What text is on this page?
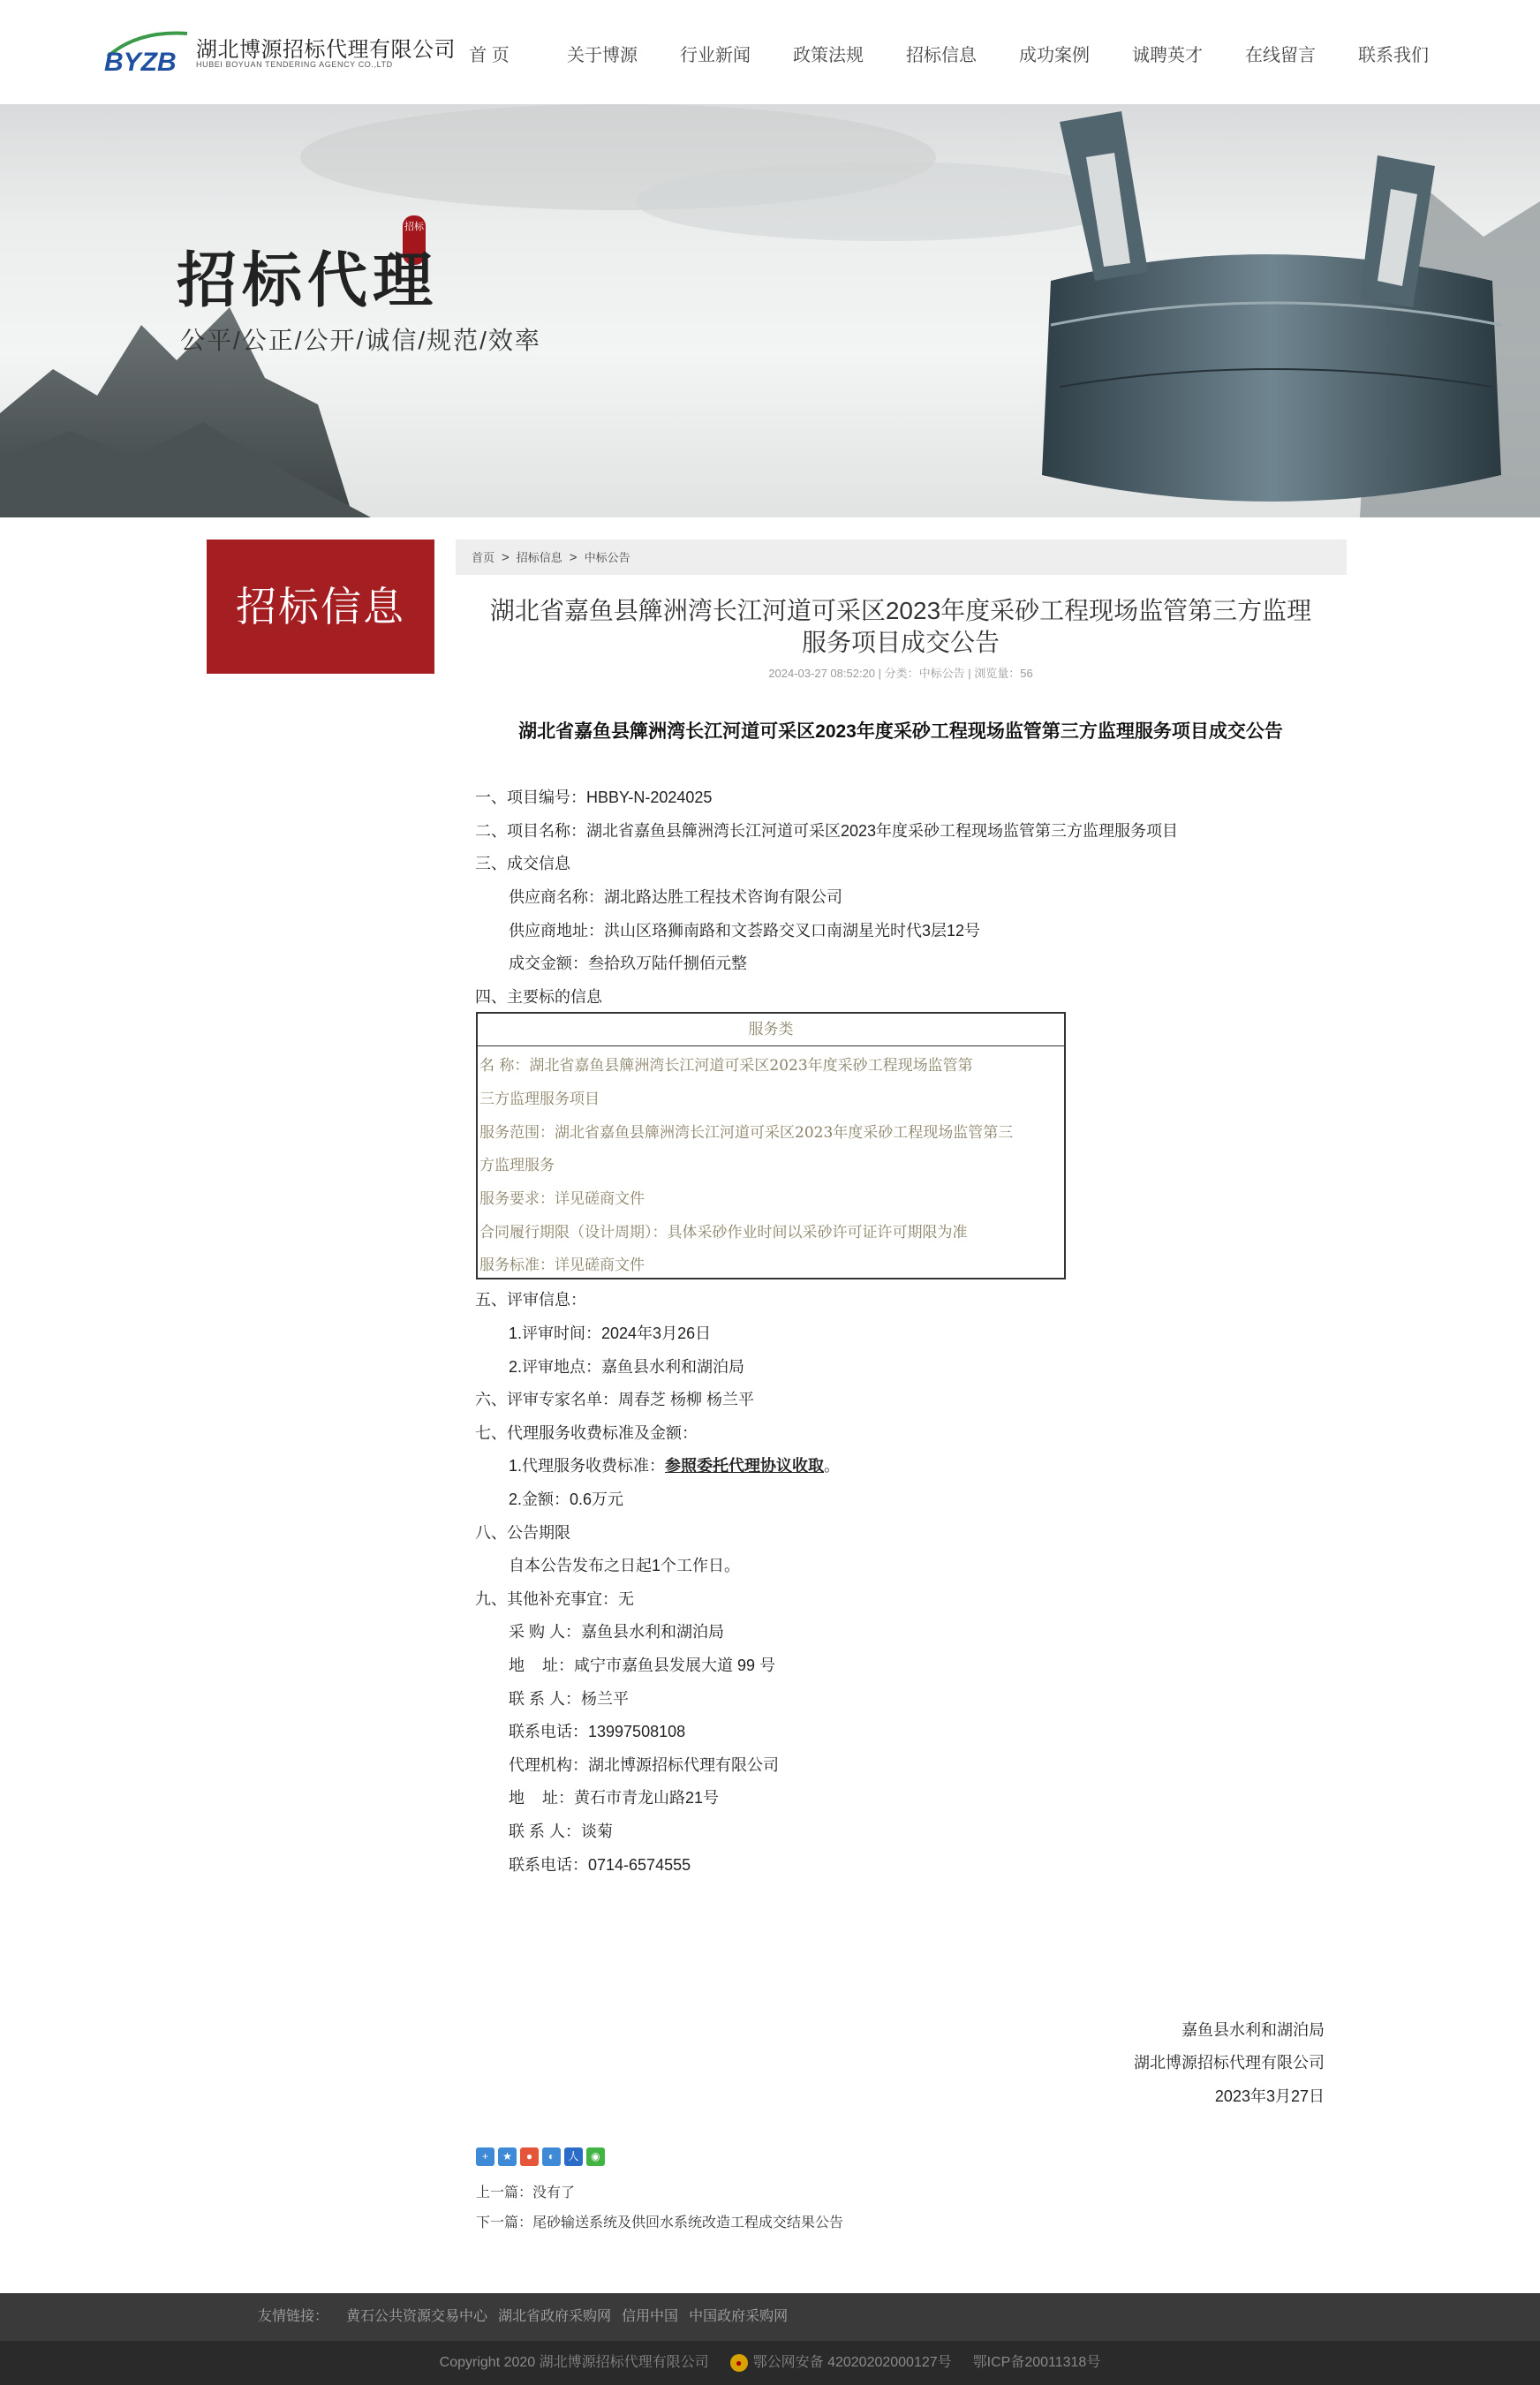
BYZB 湖北博源招标代理有限公司
HUBEI BOYUAN TENDERING AGENCY CO.,LTD	首 页	关于博源	行业新闻	政策法规	招标信息	成功案例	诚聘英才	在线留言	联系我们
招标
招标代理
公平/公正/公开/诚信/规范/效率
招标信息
首页 > 招标信息 > 中标公告
湖北省嘉鱼县簰洲湾长江河道可采区2023年度采砂工程现场监管第三方监理
服务项目成交公告
2024-03-27 08:52:20 | 分类：中标公告 | 浏览量：56
湖北省嘉鱼县簰洲湾长江河道可采区2023年度采砂工程现场监管第三方监理服务项目成交公告
一、项目编号：HBBY-N-2024025
二、项目名称：湖北省嘉鱼县簰洲湾长江河道可采区2023年度采砂工程现场监管第三方监理服务项目
三、成交信息
供应商名称：湖北路达胜工程技术咨询有限公司
供应商地址：洪山区珞狮南路和文荟路交叉口南湖星光时代3层12号
成交金额：叁拾玖万陆仟捌佰元整
四、主要标的信息
服务类
名 称：湖北省嘉鱼县簰洲湾长江河道可采区2023年度采砂工程现场监管第
三方监理服务项目
服务范围：湖北省嘉鱼县簰洲湾长江河道可采区2023年度采砂工程现场监管第三
方监理服务
服务要求：详见磋商文件
合同履行期限（设计周期）：具体采砂作业时间以采砂许可证许可期限为准
服务标准：详见磋商文件
五、评审信息：
1.评审时间：2024年3月26日
2.评审地点：嘉鱼县水利和湖泊局
六、评审专家名单：周春芝 杨柳 杨兰平
七、代理服务收费标准及金额：
1.代理服务收费标准：参照委托代理协议收取。
2.金额：0.6万元
八、公告期限
自本公告发布之日起1个工作日。
九、其他补充事宜：无
采 购 人：嘉鱼县水利和湖泊局
地    址：咸宁市嘉鱼县发展大道 99 号
联 系 人：杨兰平
联系电话：13997508108
代理机构：湖北博源招标代理有限公司
地    址：黄石市青龙山路21号
联 系 人：谈菊
联系电话：0714-6574555
嘉鱼县水利和湖泊局
湖北博源招标代理有限公司
2023年3月27日
+	★	●	◐	人	◉
上一篇：没有了
下一篇：尾砂输送系统及供回水系统改造工程成交结果公告
友情链接： 黄石公共资源交易中心 湖北省政府采购网 信用中国 中国政府采购网
Copyright 2020 湖北博源招标代理有限公司	● 鄂公网安备 42020202000127号 鄂ICP备20011318号
